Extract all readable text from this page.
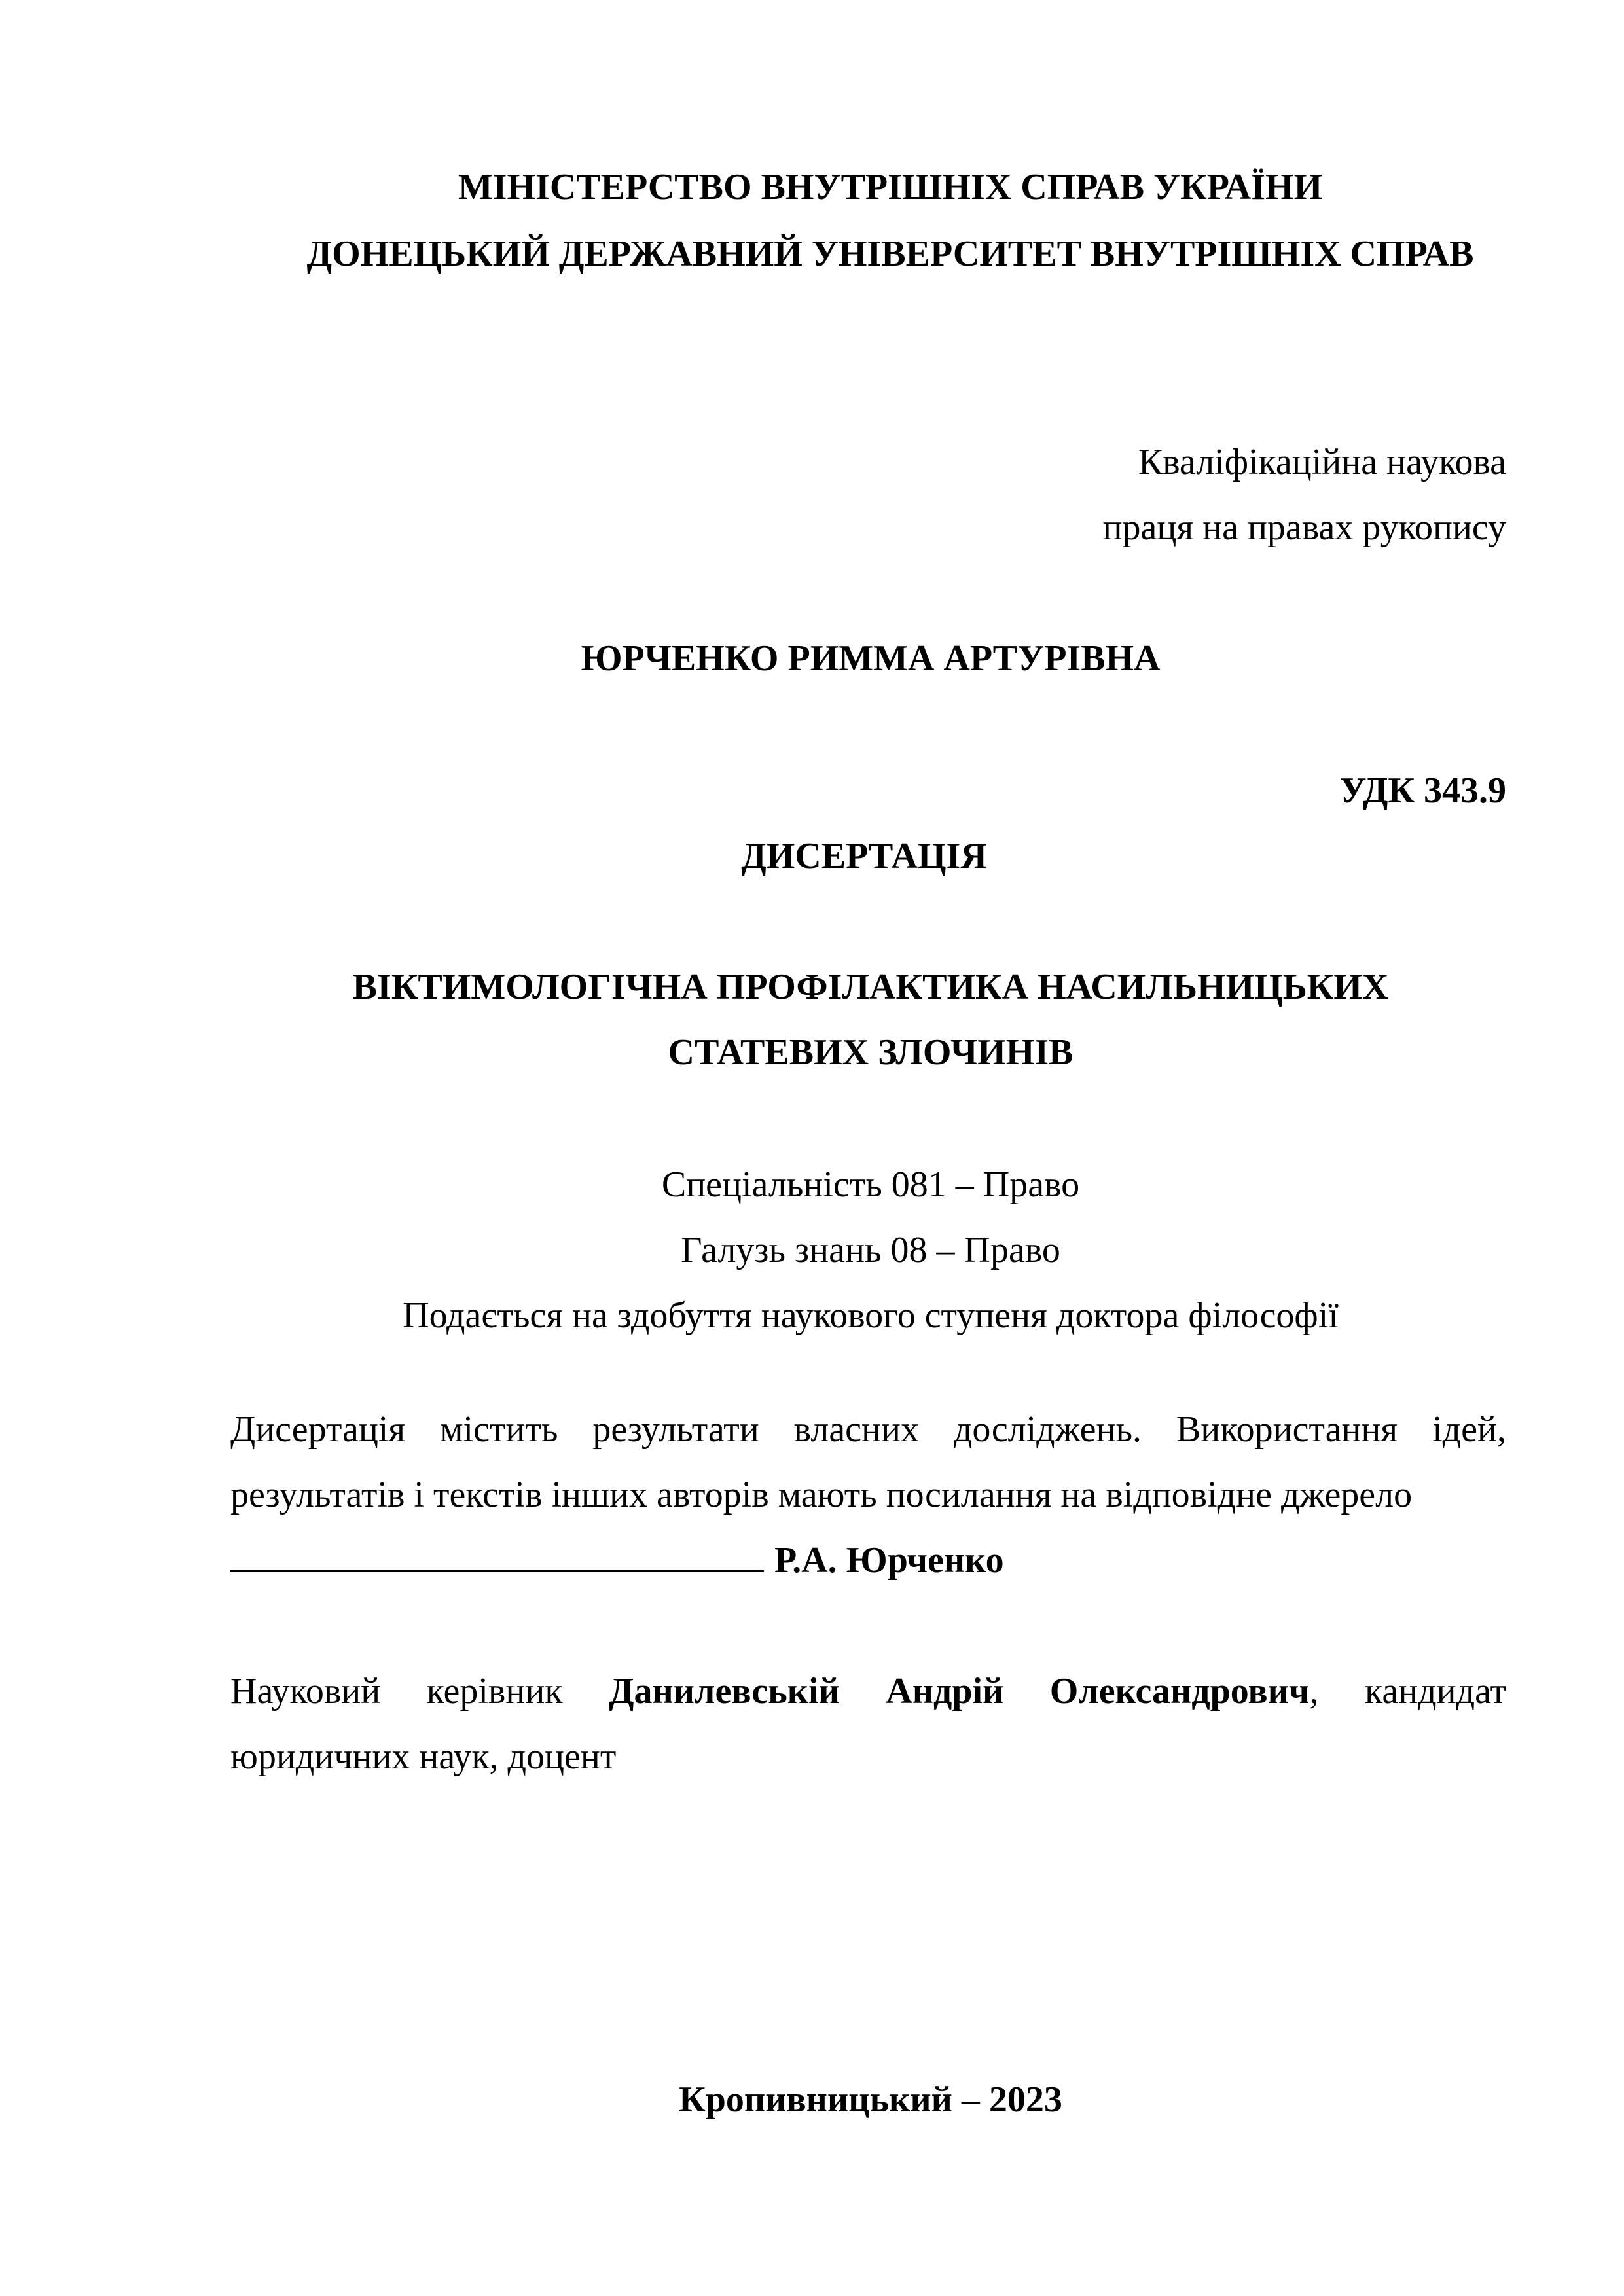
МІНІСТЕРСТВО ВНУТРІШНІХ СПРАВ УКРАЇНИ
ДОНЕЦЬКИЙ ДЕРЖАВНИЙ УНІВЕРСИТЕТ ВНУТРІШНІХ СПРАВ
Кваліфікаційна наукова
праця на правах рукопису
ЮРЧЕНКО РИММА АРТУРІВНА
УДК 343.9
ДИСЕРТАЦІЯ
ВІКТИМОЛОГІЧНА ПРОФІЛАКТИКА НАСИЛЬНИЦЬКИХ
СТАТЕВИХ ЗЛОЧИНІВ
Спеціальність 081 – Право
Галузь знань 08 – Право
Подається на здобуття наукового ступеня доктора філософії
Дисертація містить результати власних досліджень. Використання ідей,
результатів і текстів інших авторів мають посилання на відповідне джерело
Р.А. Юрченко
Науковий керівник Данилевській Андрій Олександрович, кандидат
юридичних наук, доцент
Кропивницький – 2023
